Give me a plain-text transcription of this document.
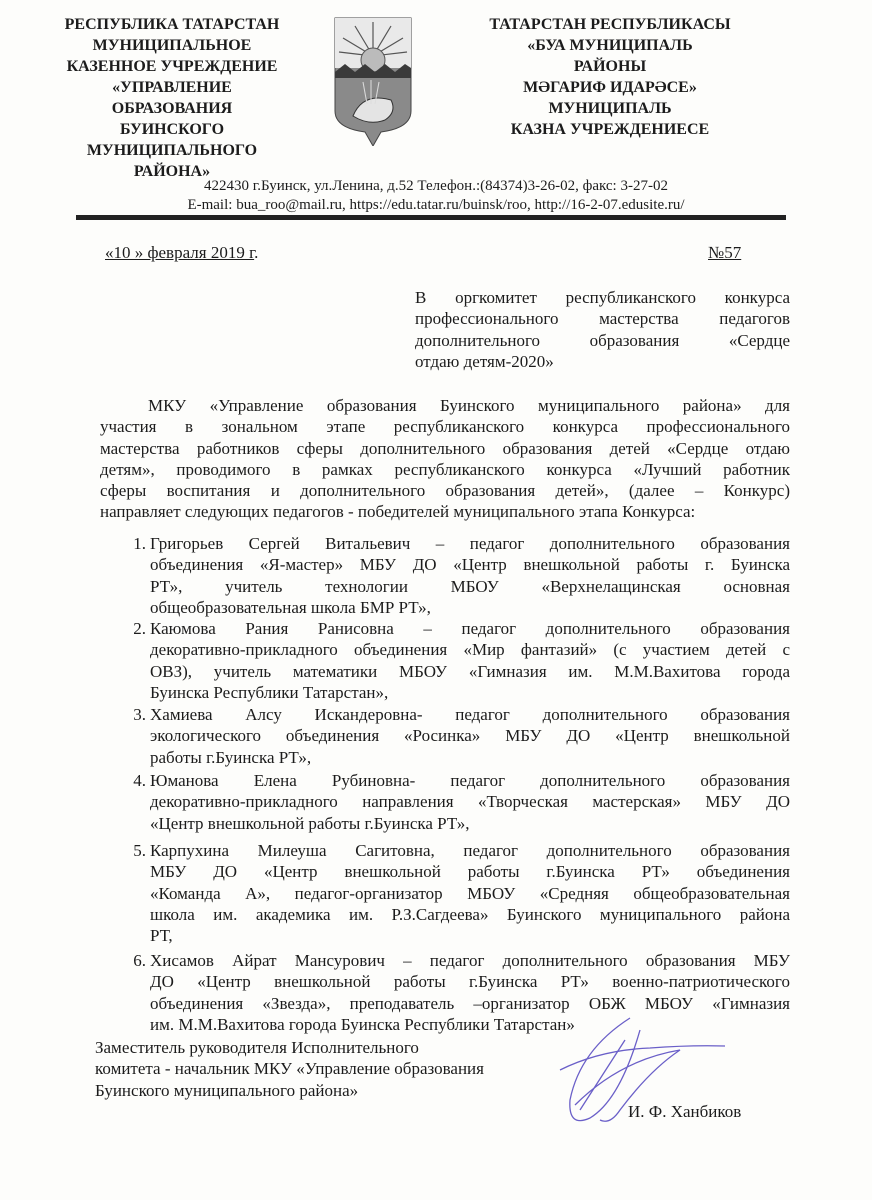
РЕСПУБЛИКА ТАТАРСТАН
МУНИЦИПАЛЬНОЕ
КАЗЕННОЕ УЧРЕЖДЕНИЕ
«УПРАВЛЕНИЕ
ОБРАЗОВАНИЯ
БУИНСКОГО
МУНИЦИПАЛЬНОГО
РАЙОНА»
ТАТАРСТАН РЕСПУБЛИКАСЫ
«БУА МУНИЦИПАЛЬ
РАЙОНЫ
МӘГАРИФ ИДАРӘСЕ»
МУНИЦИПАЛЬ
КАЗНА УЧРЕЖДЕНИЕСЕ
422430 г.Буинск, ул.Ленина, д.52 Телефон.:(84374)3-26-02, факс: 3-27-02
E-mail: bua_roo@mail.ru, https://edu.tatar.ru/buinsk/roo, http://16-2-07.edusite.ru/
«10 » февраля 2019 г.	№57
В оргкомитет республиканского конкурса
профессионального мастерства педагогов
дополнительного образования «Сердце
отдаю детям-2020»
МКУ «Управление образования Буинского муниципального района» для
участия в зональном этапе республиканского конкурса профессионального
мастерства работников сферы дополнительного образования детей «Сердце отдаю
детям», проводимого в рамках республиканского конкурса «Лучший работник
сферы воспитания и дополнительного образования детей», (далее – Конкурс)
направляет следующих педагогов - победителей муниципального этапа Конкурса:
1. Григорьев Сергей Витальевич – педагог дополнительного образования
объединения «Я-мастер» МБУ ДО «Центр внешкольной работы г. Буинска
РТ», учитель технологии МБОУ «Верхнелащинская основная
общеобразовательная школа БМР РТ»,
2. Каюмова Рания Ранисовна – педагог дополнительного образования
декоративно-прикладного объединения «Мир фантазий» (с участием детей с
ОВЗ), учитель математики МБОУ «Гимназия им. М.М.Вахитова города
Буинска Республики Татарстан»,
3. Хамиева Алсу Искандеровна- педагог дополнительного образования
экологического объединения «Росинка» МБУ ДО «Центр внешкольной
работы г.Буинска РТ»,
4. Юманова Елена Рубиновна- педагог дополнительного образования
декоративно-прикладного направления «Творческая мастерская» МБУ ДО
«Центр внешкольной работы г.Буинска РТ»,
5. Карпухина Милеуша Сагитовна, педагог дополнительного образования
МБУ ДО «Центр внешкольной работы г.Буинска РТ» объединения
«Команда А», педагог-организатор МБОУ «Средняя общеобразовательная
школа им. академика им. Р.З.Сагдеева» Буинского муниципального района
РТ,
6. Хисамов Айрат Мансурович – педагог дополнительного образования МБУ
ДО «Центр внешкольной работы г.Буинска РТ» военно-патриотического
объединения «Звезда», преподаватель –организатор ОБЖ МБОУ «Гимназия
им. М.М.Вахитова города Буинска Республики Татарстан»
Заместитель руководителя Исполнительного
комитета - начальник МКУ «Управление образования
Буинского муниципального района»
И. Ф. Ханбиков
